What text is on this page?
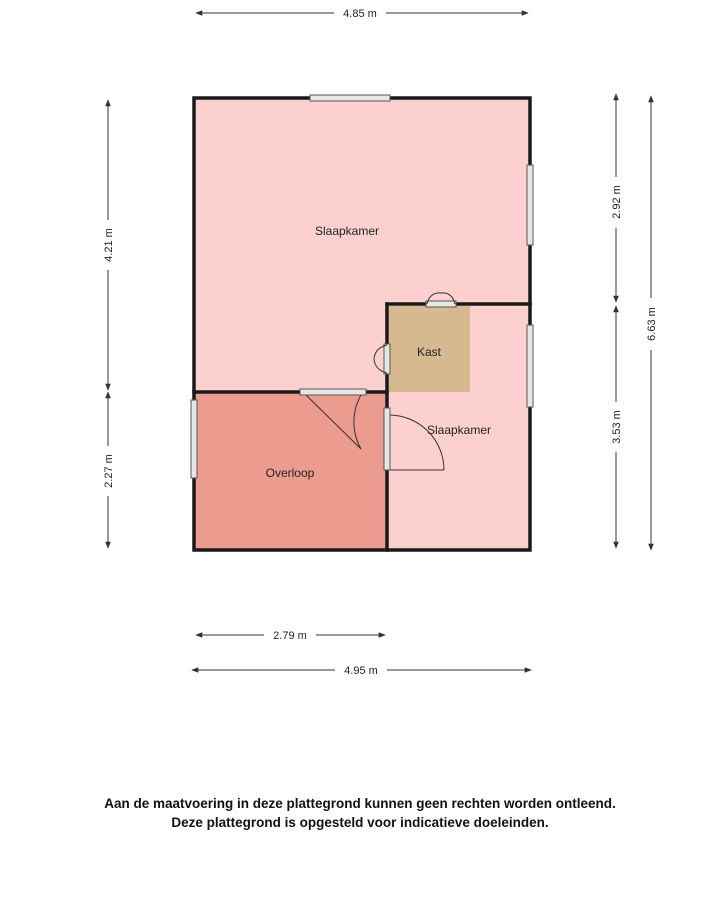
Slaapkamer
Kast
Slaapkamer
Overloop
4.85 m
2.79 m
4.95 m
4.21 m
2.27 m
2.92 m
3.53 m
6.63 m

Aan de maatvoering in deze plattegrond kunnen geen rechten worden ontleend.

Deze plattegrond is opgesteld voor indicatieve doeleinden.
